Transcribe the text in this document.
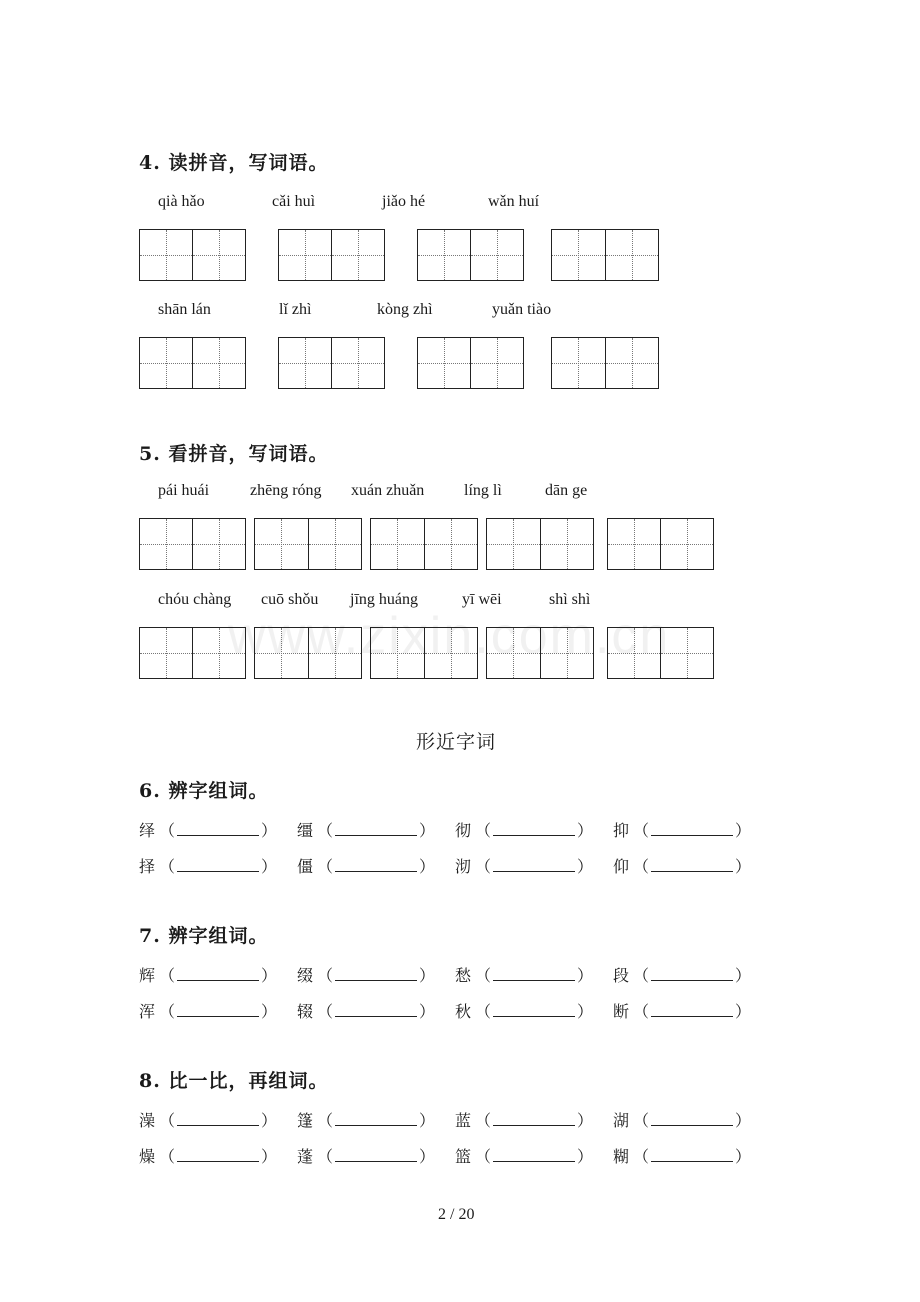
www.zixin.com.cn
4. 读拼音，写词语。
qià hǎo	cǎi huì	jiǎo hé	wǎn huí
shān lán	lǐ zhì	kòng zhì	yuǎn tiào
5. 看拼音，写词语。
pái huái	zhēng róng xuán zhuǎn líng lì	dān ge
chóu chàng cuō shǒu jīng huáng	yī wēi	shì shì
形近字词
6. 辨字组词。
绎 （	） 缰 （	） 彻 （	） 抑 （	）
择 （	） 僵 （	） 沏 （	） 仰 （	）
7. 辨字组词。
辉 （	） 缀 （	） 愁 （	） 段 （	）
浑 （	） 辍 （	） 秋 （	） 断 （	）
8. 比一比，再组词。
澡 （	） 篷 （	） 蓝 （	） 湖 （	）
燥 （	） 蓬 （	） 篮 （	） 糊 （	）
2 / 20
